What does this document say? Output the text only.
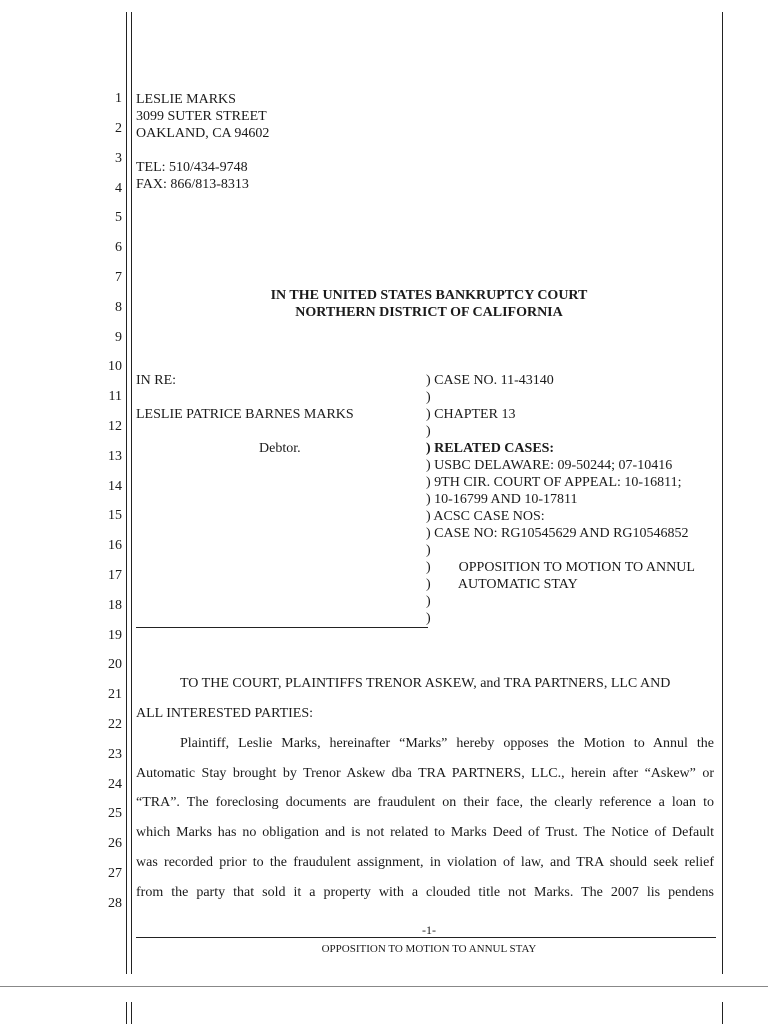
1
2
3
4
5
6
7
8
9
10
11
12
13
14
15
16
17
18
19
20
21
22
23
24
25
26
27
28
LESLIE MARKS
3099 SUTER STREET
OAKLAND, CA 94602
TEL: 510/434-9748
FAX: 866/813-8313
IN THE UNITED STATES BANKRUPTCY COURT
NORTHERN DISTRICT OF CALIFORNIA
IN RE:
LESLIE PATRICE BARNES MARKS
Debtor.
) CASE NO. 11-43140
)
) CHAPTER 13
)
) RELATED CASES:
) USBC DELAWARE: 09-50244; 07-10416
) 9TH CIR. COURT OF APPEAL: 10-16811;
) 10-16799 AND 10-17811
) ACSC CASE NOS:
) CASE NO: RG10545629 AND RG10546852
)
)        OPPOSITION TO MOTION TO ANNUL
)        AUTOMATIC STAY
)
)
TO THE COURT, PLAINTIFFS TRENOR ASKEW, and TRA PARTNERS, LLC AND
ALL INTERESTED PARTIES:
Plaintiff, Leslie Marks, hereinafter “Marks” hereby opposes the Motion to Annul the
Automatic Stay brought by Trenor Askew dba TRA PARTNERS, LLC., herein after “Askew” or
“TRA”. The foreclosing documents are fraudulent on their face, the clearly reference a loan to
which Marks has no obligation and is not related to Marks Deed of Trust. The Notice of Default
was recorded prior to the fraudulent assignment, in violation of law, and TRA should seek relief
from the party that sold it a property with a clouded title not Marks. The 2007 lis pendens
-1-
OPPOSITION TO MOTION TO ANNUL STAY
